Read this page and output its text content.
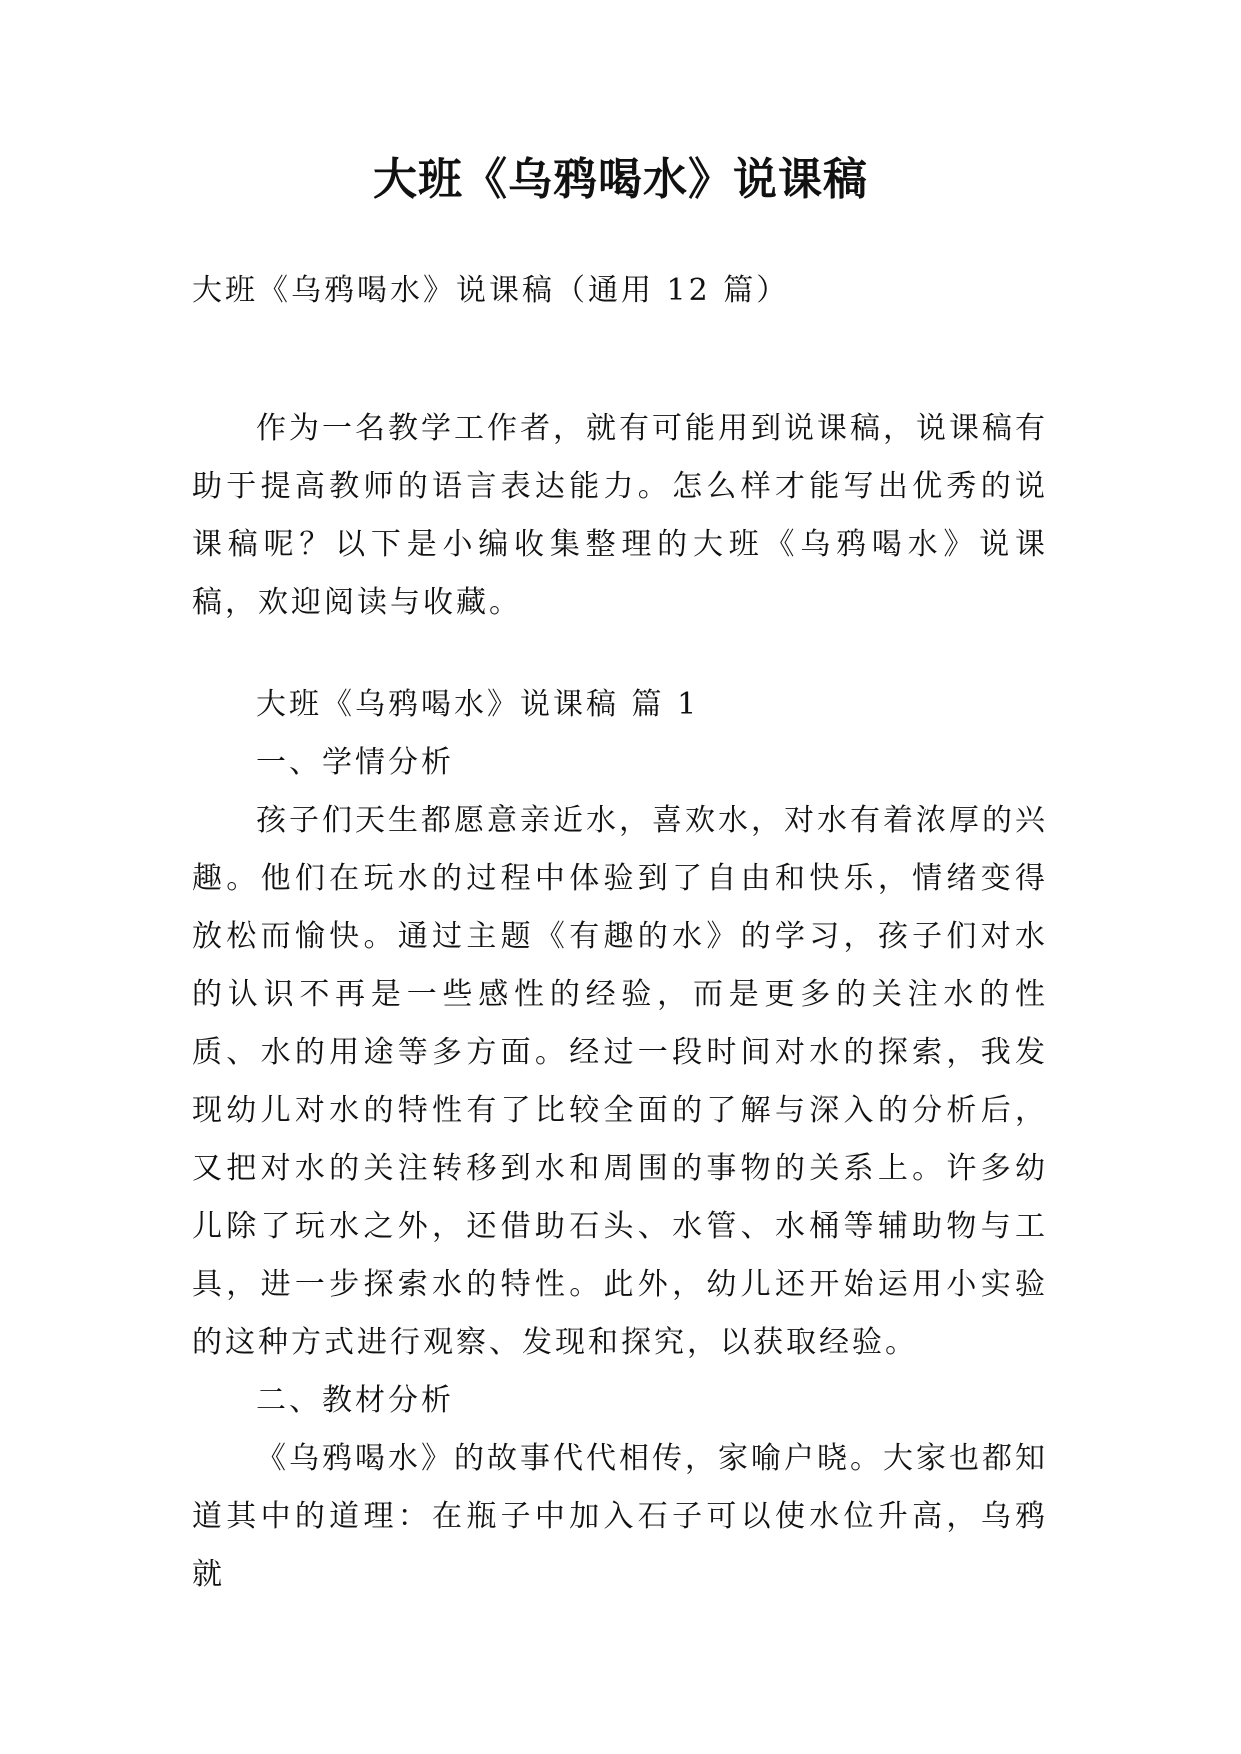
大班《乌鸦喝水》说课稿

大班《乌鸦喝水》说课稿（通用 12 篇）

作为一名教学工作者，就有可能用到说课稿，说课稿有助于提高教师的语言表达能力。怎么样才能写出优秀的说课稿呢？以下是小编收集整理的大班《乌鸦喝水》说课稿，欢迎阅读与收藏。

大班《乌鸦喝水》说课稿 篇 1

一、学情分析

孩子们天生都愿意亲近水，喜欢水，对水有着浓厚的兴趣。他们在玩水的过程中体验到了自由和快乐，情绪变得放松而愉快。通过主题《有趣的水》的学习，孩子们对水的认识不再是一些感性的经验，而是更多的关注水的性质、水的用途等多方面。经过一段时间对水的探索，我发现幼儿对水的特性有了比较全面的了解与深入的分析后，又把对水的关注转移到水和周围的事物的关系上。许多幼儿除了玩水之外，还借助石头、水管、水桶等辅助物与工具，进一步探索水的特性。此外，幼儿还开始运用小实验的这种方式进行观察、发现和探究，以获取经验。

二、教材分析

《乌鸦喝水》的故事代代相传，家喻户晓。大家也都知道其中的道理：在瓶子中加入石子可以使水位升高，乌鸦就
